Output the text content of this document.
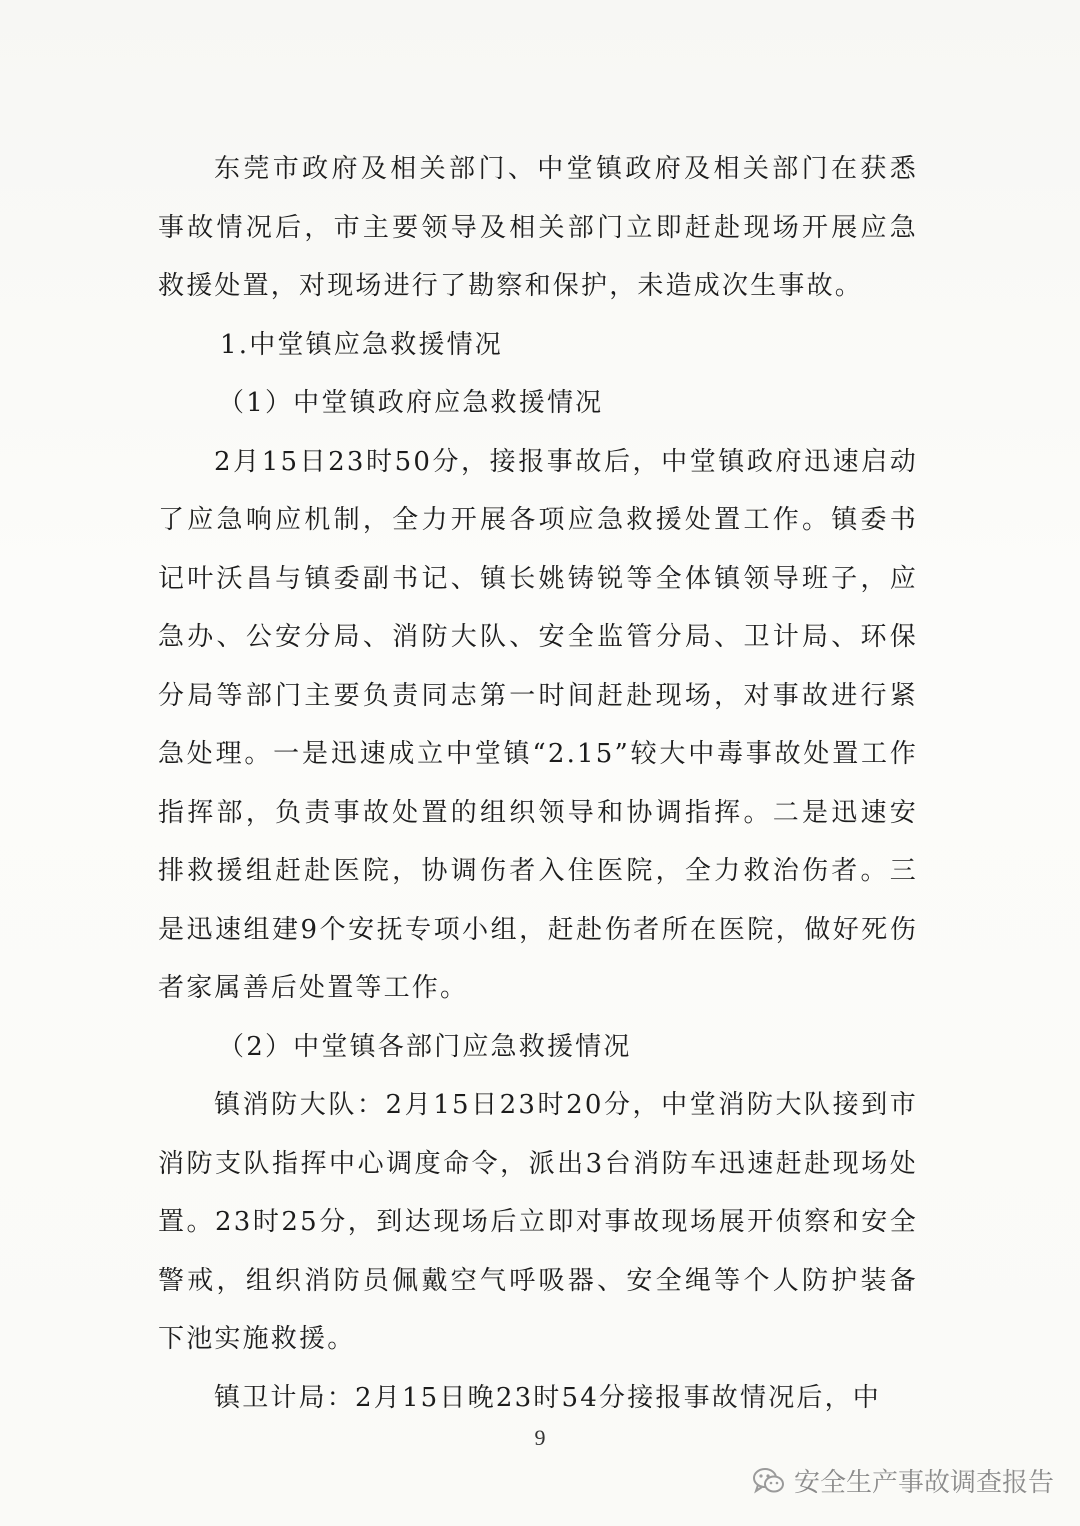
东莞市政府及相关部门、中堂镇政府及相关部门在获悉事故情况后，市主要领导及相关部门立即赶赴现场开展应急救援处置，对现场进行了勘察和保护，未造成次生事故。

1.中堂镇应急救援情况

（1）中堂镇政府应急救援情况

2月15日23时50分，接报事故后，中堂镇政府迅速启动了应急响应机制，全力开展各项应急救援处置工作。镇委书记叶沃昌与镇委副书记、镇长姚铸锐等全体镇领导班子，应急办、公安分局、消防大队、安全监管分局、卫计局、环保分局等部门主要负责同志第一时间赶赴现场，对事故进行紧急处理。一是迅速成立中堂镇“2.15”较大中毒事故处置工作指挥部，负责事故处置的组织领导和协调指挥。二是迅速安排救援组赶赴医院，协调伤者入住医院，全力救治伤者。三是迅速组建9个安抚专项小组，赶赴伤者所在医院，做好死伤者家属善后处置等工作。

（2）中堂镇各部门应急救援情况

镇消防大队：2月15日23时20分，中堂消防大队接到市消防支队指挥中心调度命令，派出3台消防车迅速赶赴现场处置。23时25分，到达现场后立即对事故现场展开侦察和安全警戒，组织消防员佩戴空气呼吸器、安全绳等个人防护装备下池实施救援。

镇卫计局：2月15日晚23时54分接报事故情况后，中

9
安全生产事故调查报告
